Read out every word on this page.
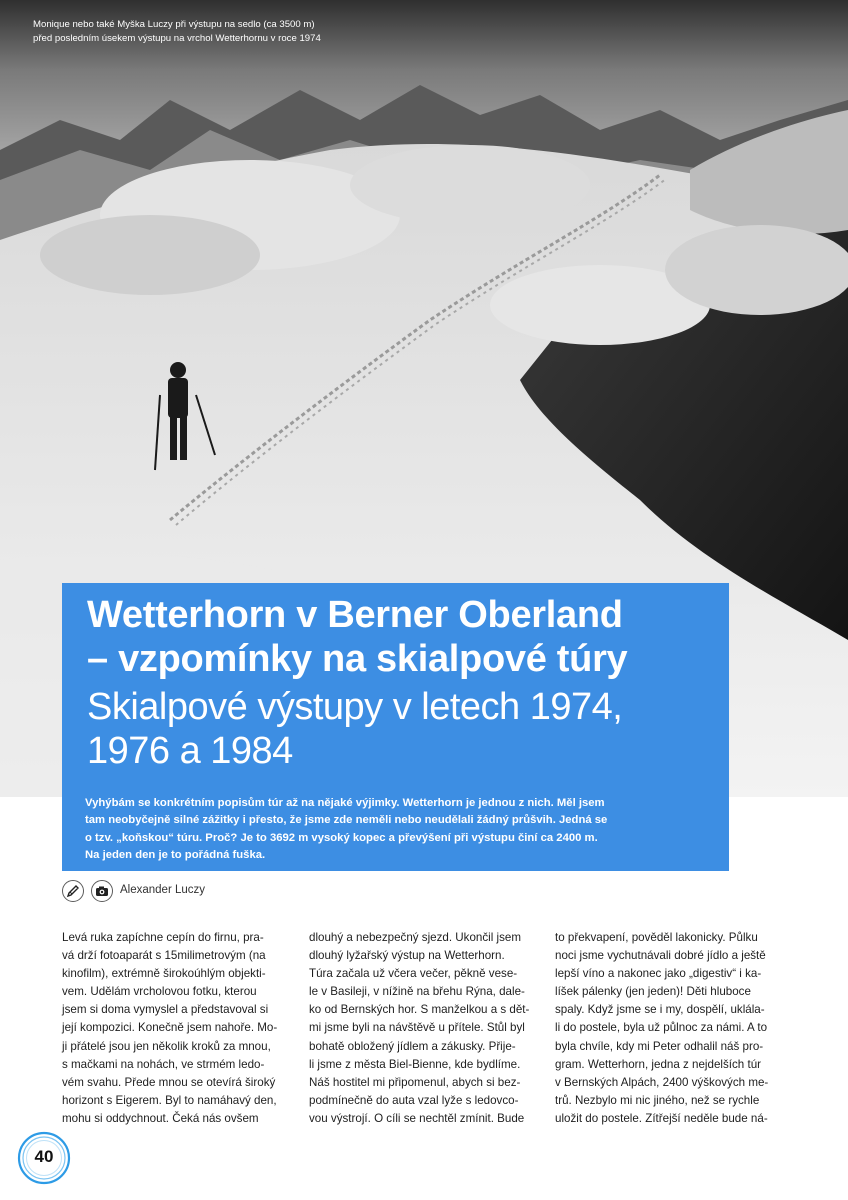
Monique nebo také Myška Luczy při výstupu na sedlo (ca 3500 m)
před posledním úsekem výstupu na vrchol Wetterhornu v roce 1974
Wetterhorn v Berner Oberland
– vzpomínky na skialpové túry
Skialpové výstupy v letech 1974,
1976 a 1984
Vyhýbám se konkrétním popisům túr až na nějaké výjimky. Wetterhorn je jednou z nich. Měl jsem
tam neobyčejně silné zážitky i přesto, že jsme zde neměli nebo neudělali žádný průšvih. Jedná se
o tzv. „koňskou“ túru. Proč? Je to 3692 m vysoký kopec a převýšení při výstupu činí ca 2400 m.
Na jeden den je to pořádná fuška.
Alexander Luczy
Levá ruka zapíchne cepín do firnu, pra-
vá drží fotoaparát s 15milimetrovým (na
kinofilm), extrémně širokoúhlým objekti-
vem. Udělám vrcholovou fotku, kterou
jsem si doma vymyslel a představoval si
její kompozici. Konečně jsem nahoře. Mo-
ji přátelé jsou jen několik kroků za mnou,
s mačkami na nohách, ve strmém ledo-
vém svahu. Přede mnou se otevírá široký
horizont s Eigerem. Byl to namáhavý den,
mohu si oddychnout. Čeká nás ovšem
dlouhý a nebezpečný sjezd. Ukončil jsem
dlouhý lyžařský výstup na Wetterhorn.
Túra začala už včera večer, pěkně vese-
le v Basileji, v nížině na břehu Rýna, dale-
ko od Bernských hor. S manželkou a s dět-
mi jsme byli na návštěvě u přítele. Stůl byl
bohatě obložený jídlem a zákusky. Přije-
li jsme z města Biel-Bienne, kde bydlíme.
Náš hostitel mi připomenul, abych si bez-
podmínečně do auta vzal lyže s ledovco-
vou výstrojí. O cíli se nechtěl zmínit. Bude
to překvapení, pověděl lakonicky. Půlku
noci jsme vychutnávali dobré jídlo a ještě
lepší víno a nakonec jako „digestiv“ i ka-
líšek pálenky (jen jeden)! Děti hluboce
spaly. Když jsme se i my, dospělí, uklála-
li do postele, byla už půlnoc za námi. A to
byla chvíle, kdy mi Peter odhalil náš pro-
gram. Wetterhorn, jedna z nejdelších túr
v Bernských Alpách, 2400 výškových me-
trů. Nezbylo mi nic jiného, než se rychle
uložit do postele. Zítřejší neděle bude ná-
40
